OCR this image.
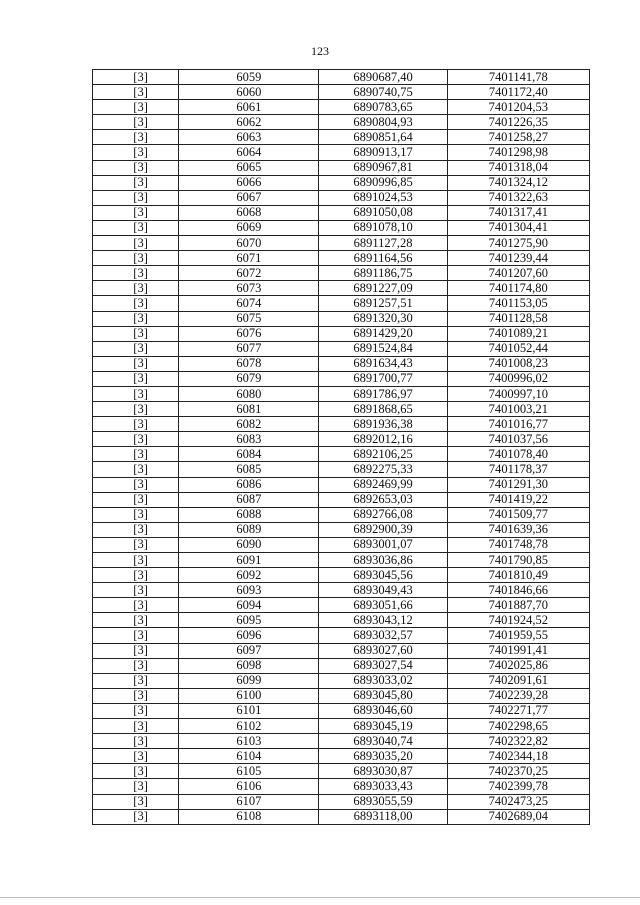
123
[3]	6059	6890687,40	7401141,78
[3]	6060	6890740,75	7401172,40
[3]	6061	6890783,65	7401204,53
[3]	6062	6890804,93	7401226,35
[3]	6063	6890851,64	7401258,27
[3]	6064	6890913,17	7401298,98
[3]	6065	6890967,81	7401318,04
[3]	6066	6890996,85	7401324,12
[3]	6067	6891024,53	7401322,63
[3]	6068	6891050,08	7401317,41
[3]	6069	6891078,10	7401304,41
[3]	6070	6891127,28	7401275,90
[3]	6071	6891164,56	7401239,44
[3]	6072	6891186,75	7401207,60
[3]	6073	6891227,09	7401174,80
[3]	6074	6891257,51	7401153,05
[3]	6075	6891320,30	7401128,58
[3]	6076	6891429,20	7401089,21
[3]	6077	6891524,84	7401052,44
[3]	6078	6891634,43	7401008,23
[3]	6079	6891700,77	7400996,02
[3]	6080	6891786,97	7400997,10
[3]	6081	6891868,65	7401003,21
[3]	6082	6891936,38	7401016,77
[3]	6083	6892012,16	7401037,56
[3]	6084	6892106,25	7401078,40
[3]	6085	6892275,33	7401178,37
[3]	6086	6892469,99	7401291,30
[3]	6087	6892653,03	7401419,22
[3]	6088	6892766,08	7401509,77
[3]	6089	6892900,39	7401639,36
[3]	6090	6893001,07	7401748,78
[3]	6091	6893036,86	7401790,85
[3]	6092	6893045,56	7401810,49
[3]	6093	6893049,43	7401846,66
[3]	6094	6893051,66	7401887,70
[3]	6095	6893043,12	7401924,52
[3]	6096	6893032,57	7401959,55
[3]	6097	6893027,60	7401991,41
[3]	6098	6893027,54	7402025,86
[3]	6099	6893033,02	7402091,61
[3]	6100	6893045,80	7402239,28
[3]	6101	6893046,60	7402271,77
[3]	6102	6893045,19	7402298,65
[3]	6103	6893040,74	7402322,82
[3]	6104	6893035,20	7402344,18
[3]	6105	6893030,87	7402370,25
[3]	6106	6893033,43	7402399,78
[3]	6107	6893055,59	7402473,25
[3]	6108	6893118,00	7402689,04
